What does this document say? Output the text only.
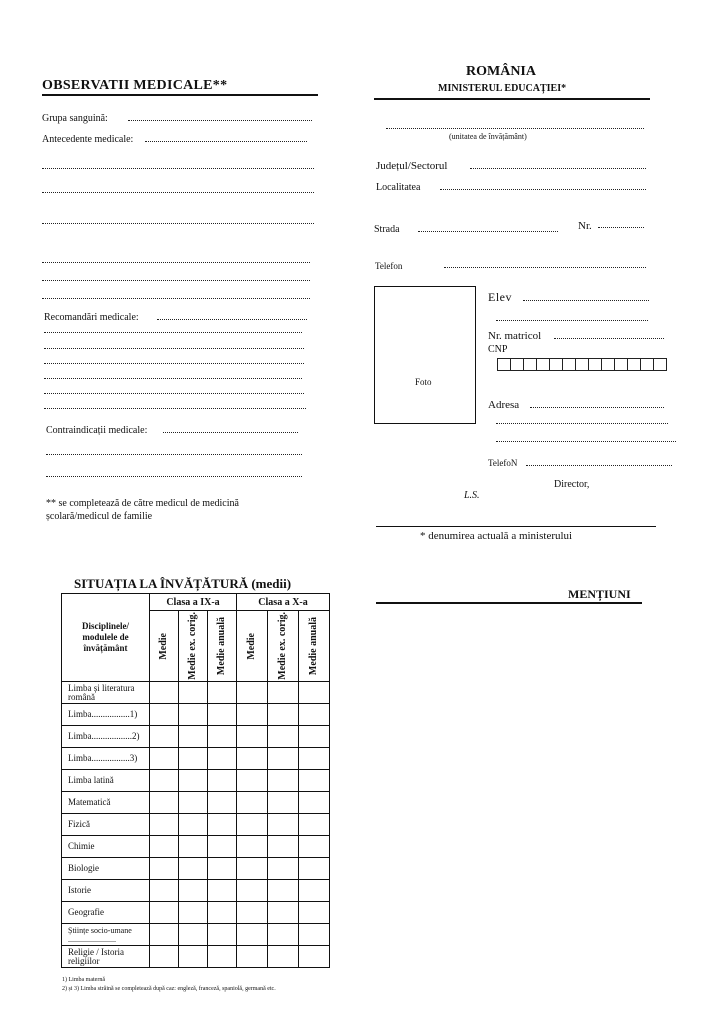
OBSERVATII MEDICALE**
Grupa sanguină:
Antecedente medicale:
Recomandări medicale:
Contraindicații medicale:
** se completează de către medicul de medicină
școlară/medicul de familie
ROMÂNIA
MINISTERUL EDUCAȚIEI*
(unitatea de învățământ)
Județul/Sectorul
Localitatea
Strada	Nr.
Telefon
Foto
Elev
Nr. matricol
CNP
Adresa
TelefoN
Director,
L.S.
* denumirea actuală a ministerului
MENȚIUNI
SITUAȚIA LA ÎNVĂȚĂTURĂ (medii)
Disciplinele/ modulele de învățământ	Clasa a IX-a			Clasa a X-a		

	Medie	Medie ex. corig.	Medie anuală	Medie	Medie ex. corig.	Medie anuală

Limba și literatura română						
Limba.................1)						
Limba..................2)						
Limba.................3)						
Limba latină						
Matematică						
Fizică						
Chimie						
Biologie						
Istorie						
Geografie						
Științe socio-umane ........................						
Religie / Istoria religiilor						
1) Limba maternă
2) și 3) Limba străină se completează după caz: engleză, franceză, spaniolă, germană etc.
